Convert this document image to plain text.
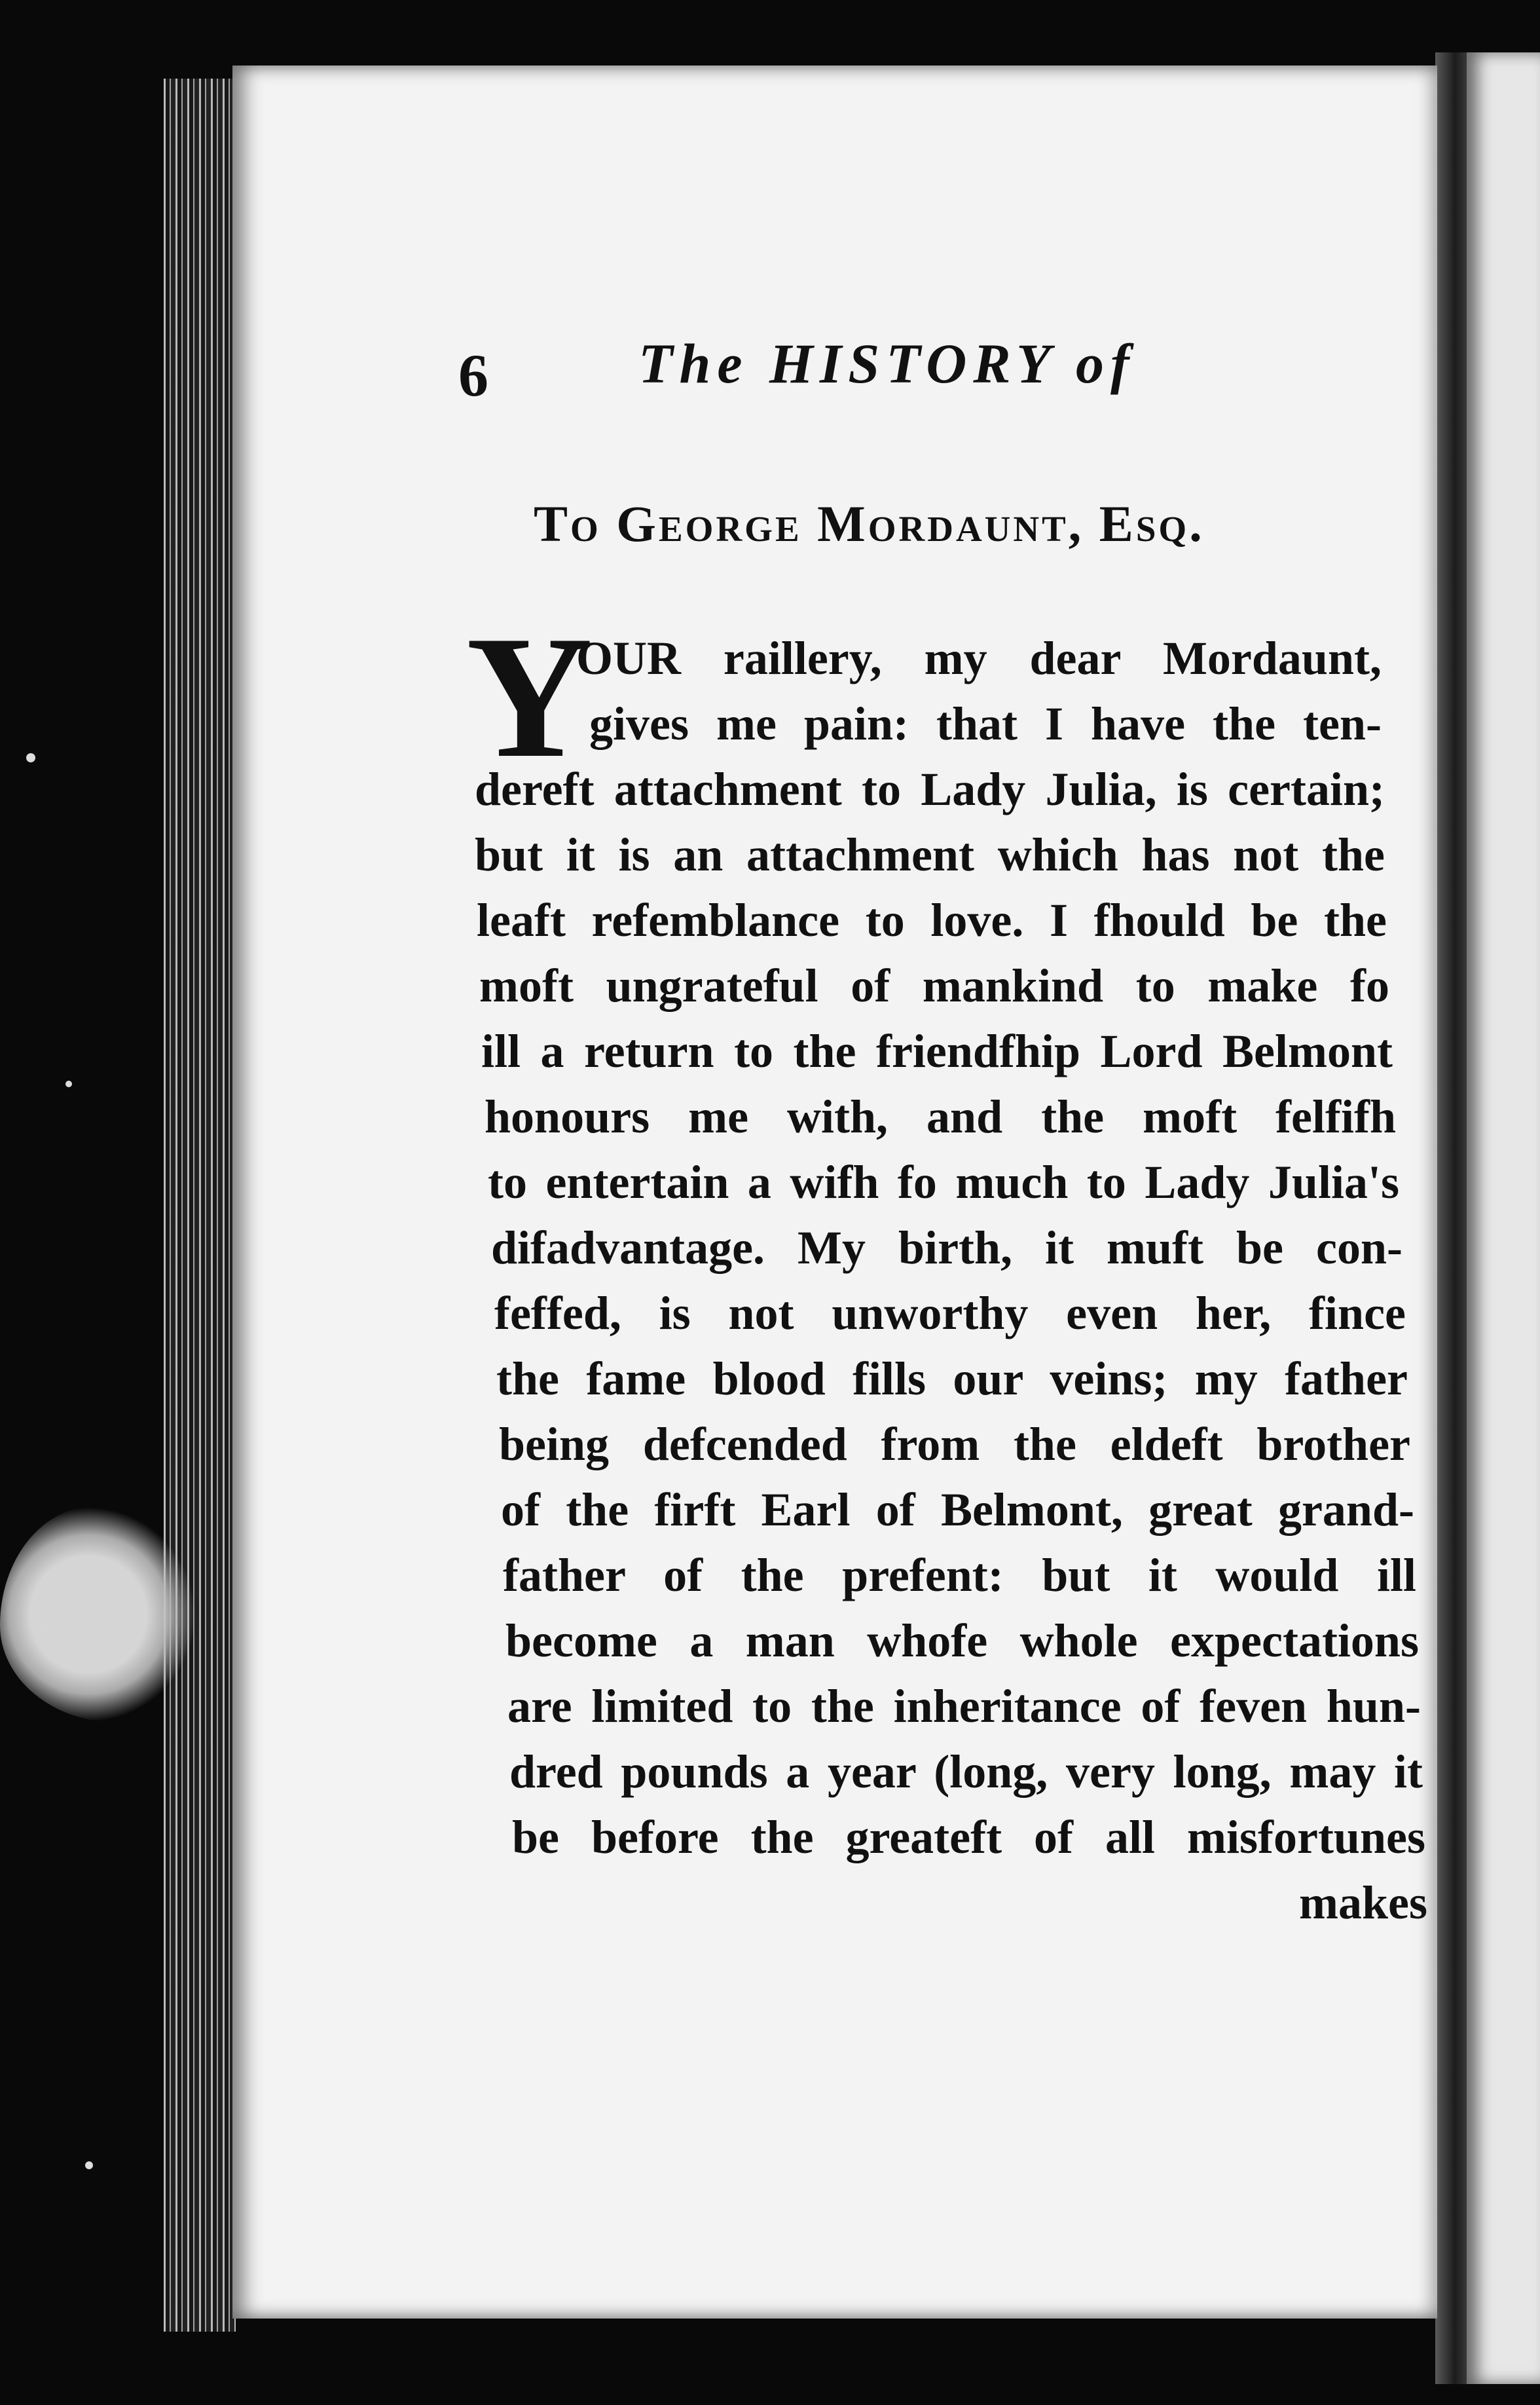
6	The HISTORY of
To George Mordaunt, Esq.
Y
OUR raillery, my dear Mordaunt,
gives me pain: that I have the ten-
dereft attachment to Lady Julia, is certain;
but it is an attachment which has not the
leaft refemblance to love. I fhould be the
moft ungrateful of mankind to make fo
ill a return to the friendfhip Lord Belmont
honours me with, and the moft felfifh
to entertain a wifh fo much to Lady Julia's
difadvantage. My birth, it muft be con-
feffed, is not unworthy even her, fince
the fame blood fills our veins; my father
being defcended from the eldeft brother
of the firft Earl of Belmont, great grand-
father of the prefent: but it would ill
become a man whofe whole expectations
are limited to the inheritance of feven hun-
dred pounds a year (long, very long, may it
be before the greateft of all misfortunes
makes
